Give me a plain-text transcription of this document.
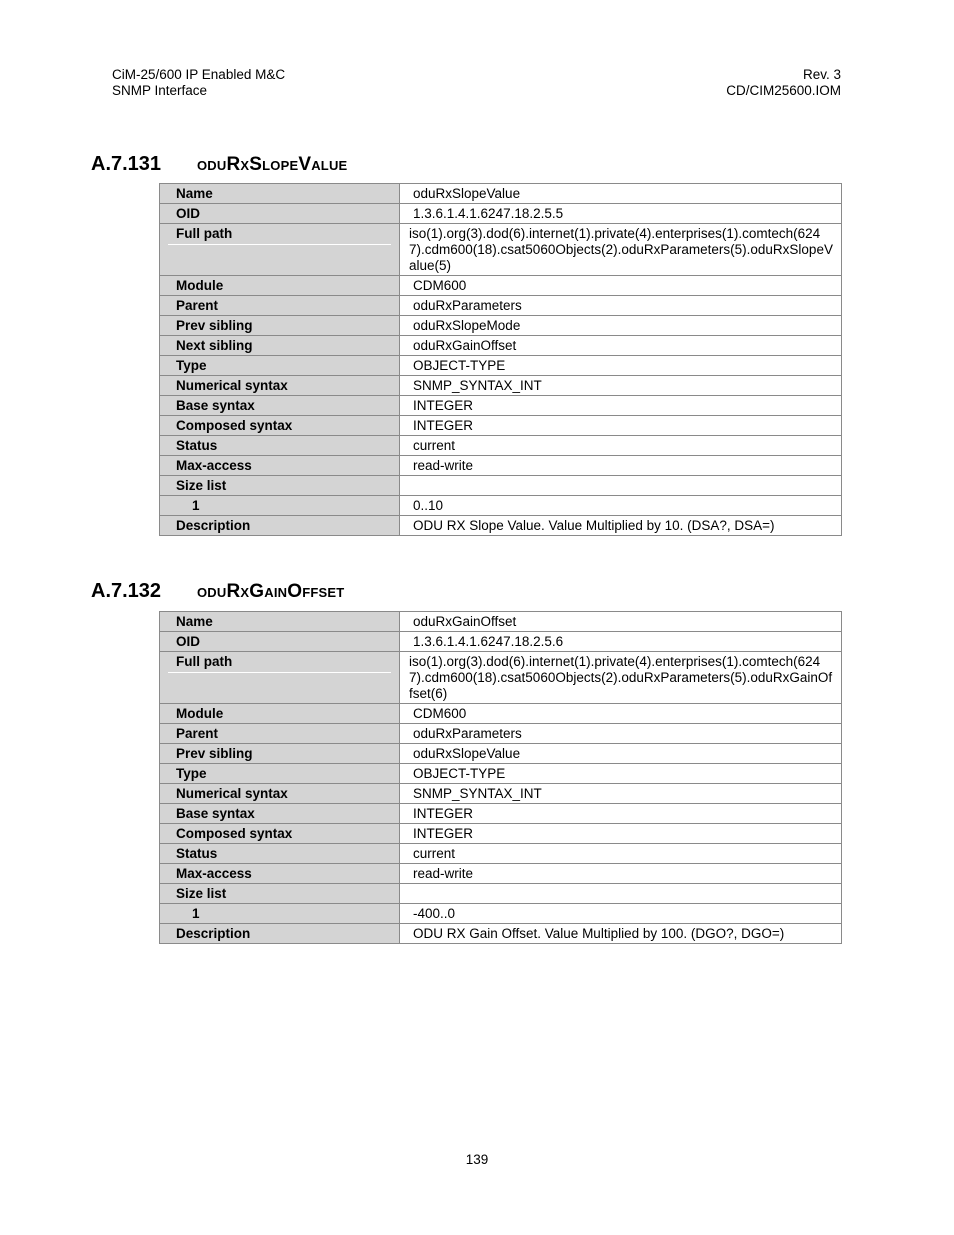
CiM-25/600 IP Enabled M&C
SNMP Interface
Rev. 3
CD/CIM25600.IOM
A.7.131 oduRxSlopeValue
Name	oduRxSlopeValue
OID	1.3.6.1.4.1.6247.18.2.5.5
Full path	iso(1).org(3).dod(6).internet(1).private(4).enterprises(1).comtech(6247).cdm600(18).csat5060Objects(2).oduRxParameters(5).oduRxSlopeValue(5)
Module	CDM600
Parent	oduRxParameters
Prev sibling	oduRxSlopeMode
Next sibling	oduRxGainOffset
Type	OBJECT-TYPE
Numerical syntax	SNMP_SYNTAX_INT
Base syntax	INTEGER
Composed syntax	INTEGER
Status	current
Max-access	read-write
Size list	
1	0..10
Description	ODU RX Slope Value. Value Multiplied by 10. (DSA?, DSA=)
A.7.132 oduRxGainOffset
Name	oduRxGainOffset
OID	1.3.6.1.4.1.6247.18.2.5.6
Full path	iso(1).org(3).dod(6).internet(1).private(4).enterprises(1).comtech(6247).cdm600(18).csat5060Objects(2).oduRxParameters(5).oduRxGainOffset(6)
Module	CDM600
Parent	oduRxParameters
Prev sibling	oduRxSlopeValue
Type	OBJECT-TYPE
Numerical syntax	SNMP_SYNTAX_INT
Base syntax	INTEGER
Composed syntax	INTEGER
Status	current
Max-access	read-write
Size list	
1	-400..0
Description	ODU RX Gain Offset. Value Multiplied by 100. (DGO?, DGO=)
139
